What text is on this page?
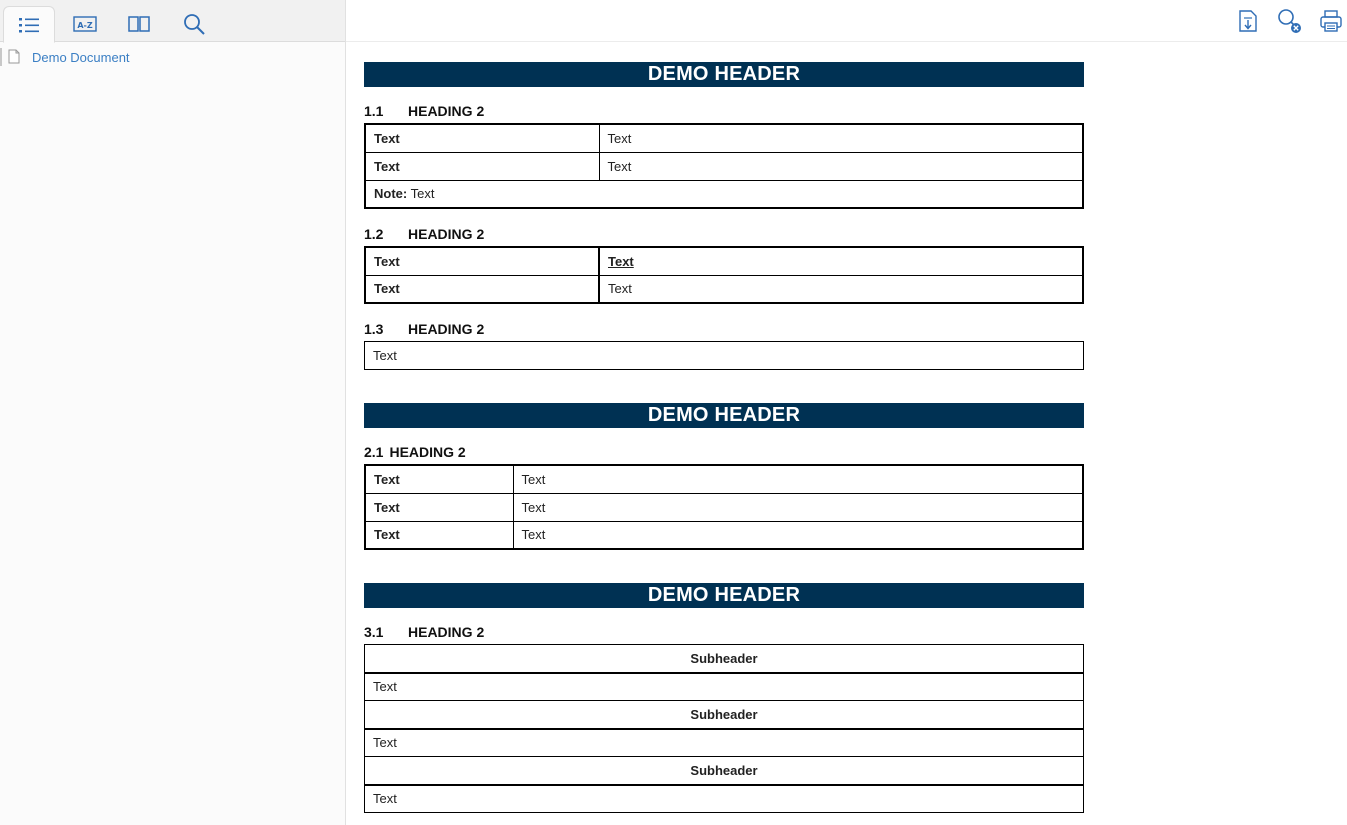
A-Z
Demo Document
DEMO HEADER
1.1	HEADING 2
Text	Text
Text	Text
Note: Text	
1.2	HEADING 2
Text	Text
Text	Text
1.3	HEADING 2
Text
DEMO HEADER
2.1 HEADING 2
Text	Text
Text	Text
Text	Text
DEMO HEADER
3.1	HEADING 2
Subheader
Text
Subheader
Text
Subheader
Text
